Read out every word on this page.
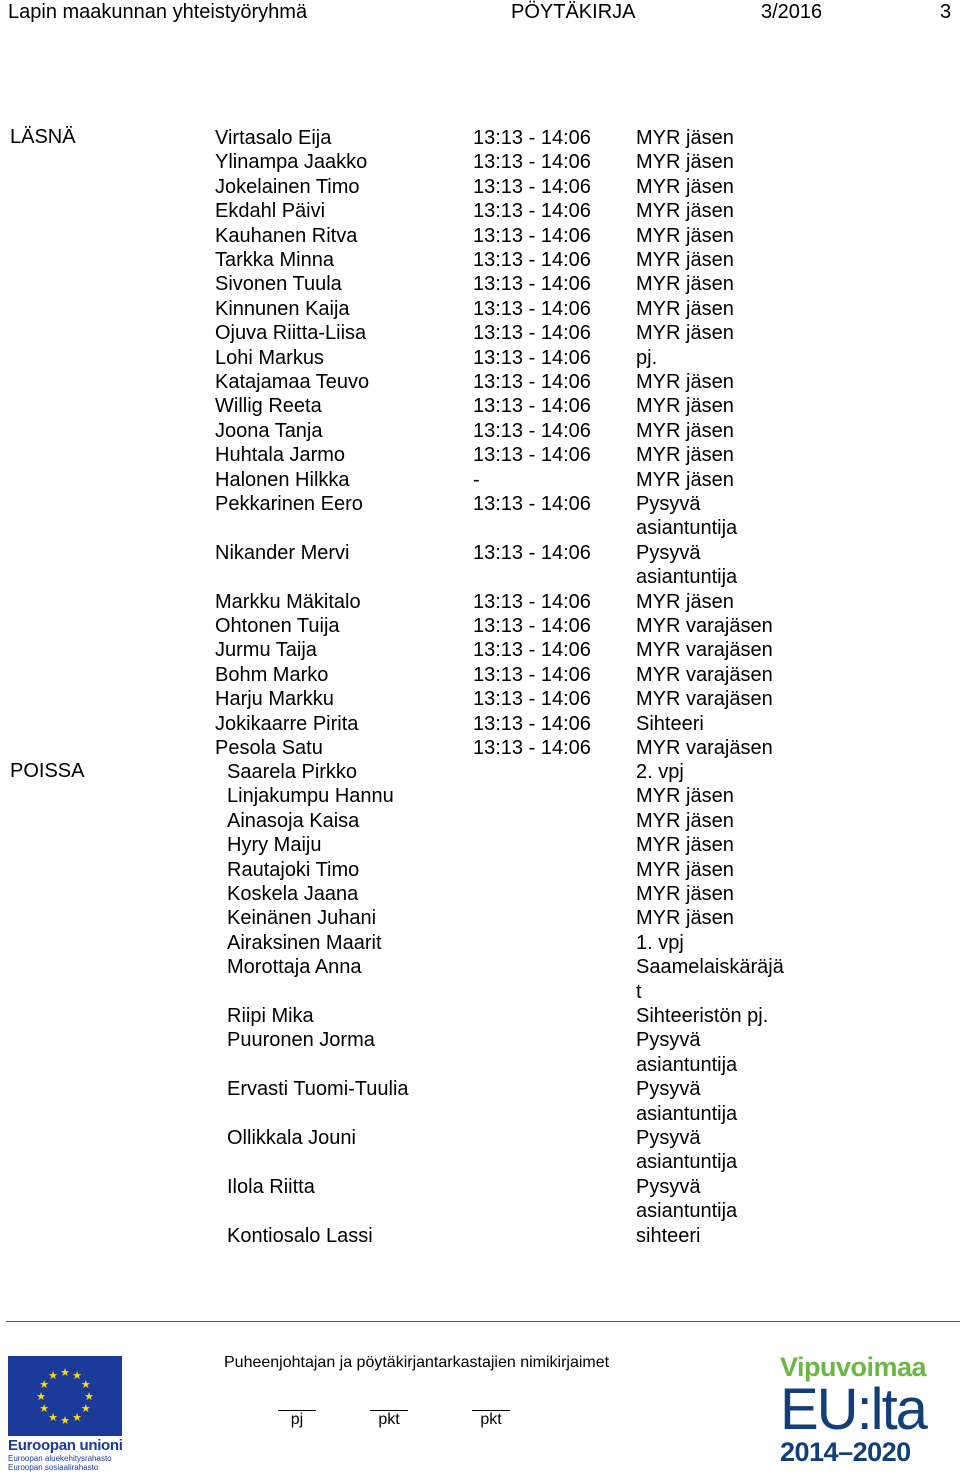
Lapin maakunnan yhteistyöryhmä	PÖYTÄKIRJA	3/2016	3
LÄSNÄ	Virtasalo Eija	13:13 - 14:06 MYR jäsen
Ylinampa Jaakko	13:13 - 14:06 MYR jäsen
Jokelainen Timo	13:13 - 14:06 MYR jäsen
Ekdahl Päivi	13:13 - 14:06 MYR jäsen
Kauhanen Ritva	13:13 - 14:06 MYR jäsen
Tarkka Minna	13:13 - 14:06 MYR jäsen
Sivonen Tuula	13:13 - 14:06 MYR jäsen
Kinnunen Kaija	13:13 - 14:06 MYR jäsen
Ojuva Riitta-Liisa	13:13 - 14:06 MYR jäsen
Lohi Markus	13:13 - 14:06 pj.
Katajamaa Teuvo	13:13 - 14:06 MYR jäsen
Willig Reeta	13:13 - 14:06 MYR jäsen
Joona Tanja	13:13 - 14:06 MYR jäsen
Huhtala Jarmo	13:13 - 14:06 MYR jäsen
Halonen Hilkka	-	MYR jäsen
Pekkarinen Eero	13:13 - 14:06 Pysyvä
asiantuntija
Nikander Mervi	13:13 - 14:06 Pysyvä
asiantuntija
Markku Mäkitalo	13:13 - 14:06 MYR jäsen
Ohtonen Tuija	13:13 - 14:06 MYR varajäsen
Jurmu Taija	13:13 - 14:06 MYR varajäsen
Bohm Marko	13:13 - 14:06 MYR varajäsen
Harju Markku	13:13 - 14:06 MYR varajäsen
Jokikaarre Pirita	13:13 - 14:06 Sihteeri
Pesola Satu	13:13 - 14:06 MYR varajäsen
POISSA	Saarela Pirkko	2. vpj
Linjakumpu Hannu	MYR jäsen
Ainasoja Kaisa	MYR jäsen
Hyry Maiju	MYR jäsen
Rautajoki Timo	MYR jäsen
Koskela Jaana	MYR jäsen
Keinänen Juhani	MYR jäsen
Airaksinen Maarit	1. vpj
Morottaja Anna	Saamelaiskäräjä
t
Riipi Mika	Sihteeristön pj.
Puuronen Jorma	Pysyvä
asiantuntija
Ervasti Tuomi-Tuulia	Pysyvä
asiantuntija
Ollikkala Jouni	Pysyvä
asiantuntija
Ilola Riitta	Pysyvä
asiantuntija
Kontiosalo Lassi	sihteeri
★ ★
★
★
★
★
★
★
★
★
★
★
Euroopan unioni
Euroopan aluekehitysrahasto
Euroopan sosiaalirahasto
Puheenjohtajan ja pöytäkirjantarkastajien nimikirjaimet
pj	pkt	pkt
Vipuvoimaa
EU:lta
2014–2020
